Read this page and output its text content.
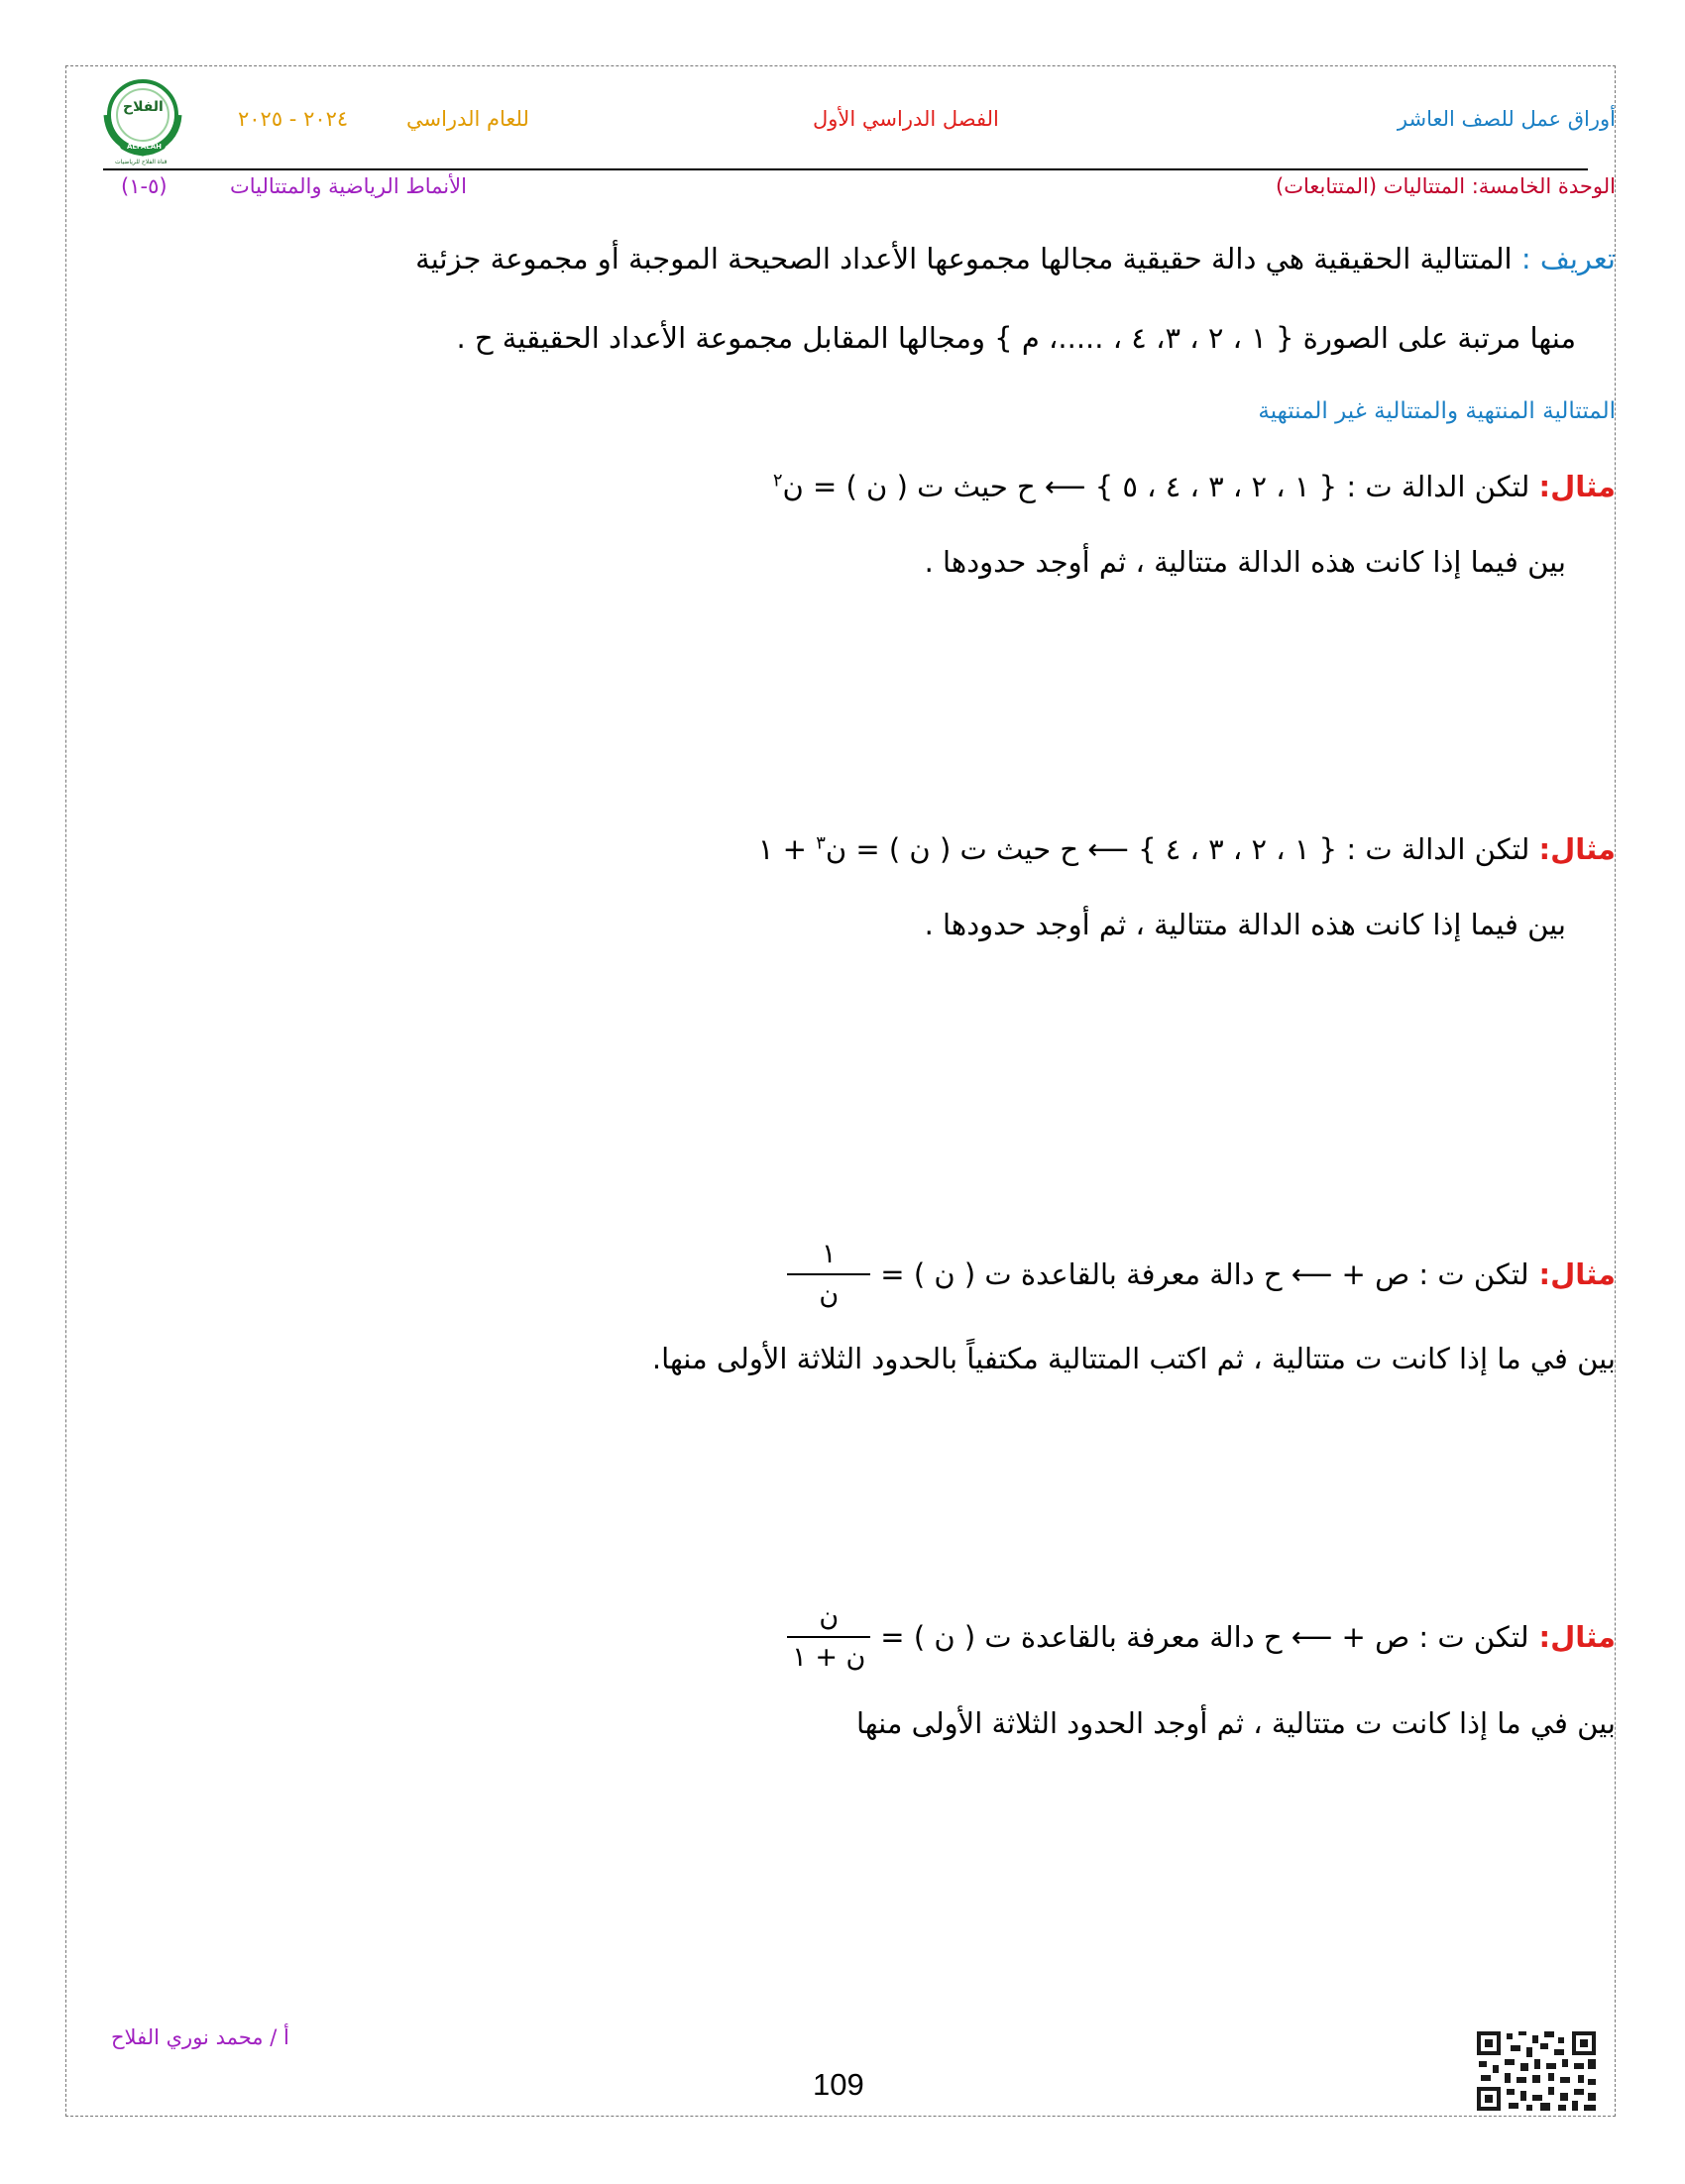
الفلاح
ALFALAH
قناة الفلاح للرياضيات
أوراق عمل للصف العاشر
الفصل الدراسي الأول
للعام الدراسي
٢٠٢٤ - ٢٠٢٥
الوحدة الخامسة: المتتاليات (المتتابعات)
الأنماط الرياضية والمتتاليات
(٥-١)
تعريف : المتتالية الحقيقية هي دالة حقيقية مجالها مجموعها الأعداد الصحيحة الموجبة أو مجموعة جزئية
منها مرتبة على الصورة { ١ ، ٢ ، ٣، ٤ ، .....، م } ومجالها المقابل مجموعة الأعداد الحقيقية ح .
المتتالية المنتهية والمتتالية غير المنتهية
مثال: لتكن الدالة ت : { ١ ، ٢ ، ٣ ، ٤ ، ٥ } ⟵ ح حيث ت ( ن ) = ن$^٢$
بين فيما إذا كانت هذه الدالة متتالية ، ثم أوجد حدودها .
مثال: لتكن الدالة ت : { ١ ، ٢ ، ٣ ، ٤ } ⟵ ح حيث ت ( ن ) = ن$^٣$ + ١
بين فيما إذا كانت هذه الدالة متتالية ، ثم أوجد حدودها .
مثال:
لتكن ت : ص + ⟵ ح دالة معرفة بالقاعدة ت ( ن ) =
$\frac{١}{\text{ن}}$
بين في ما إذا كانت ت متتالية ، ثم اكتب المتتالية مكتفياً بالحدود الثلاثة الأولى منها.
مثال:
لتكن ت : ص + ⟵ ح دالة معرفة بالقاعدة ت ( ن ) =
$\frac{\text{ن}}{\text{ن + ١}}$
بين في ما إذا كانت ت متتالية ، ثم أوجد الحدود الثلاثة الأولى منها
أ / محمد نوري الفلاح
109
